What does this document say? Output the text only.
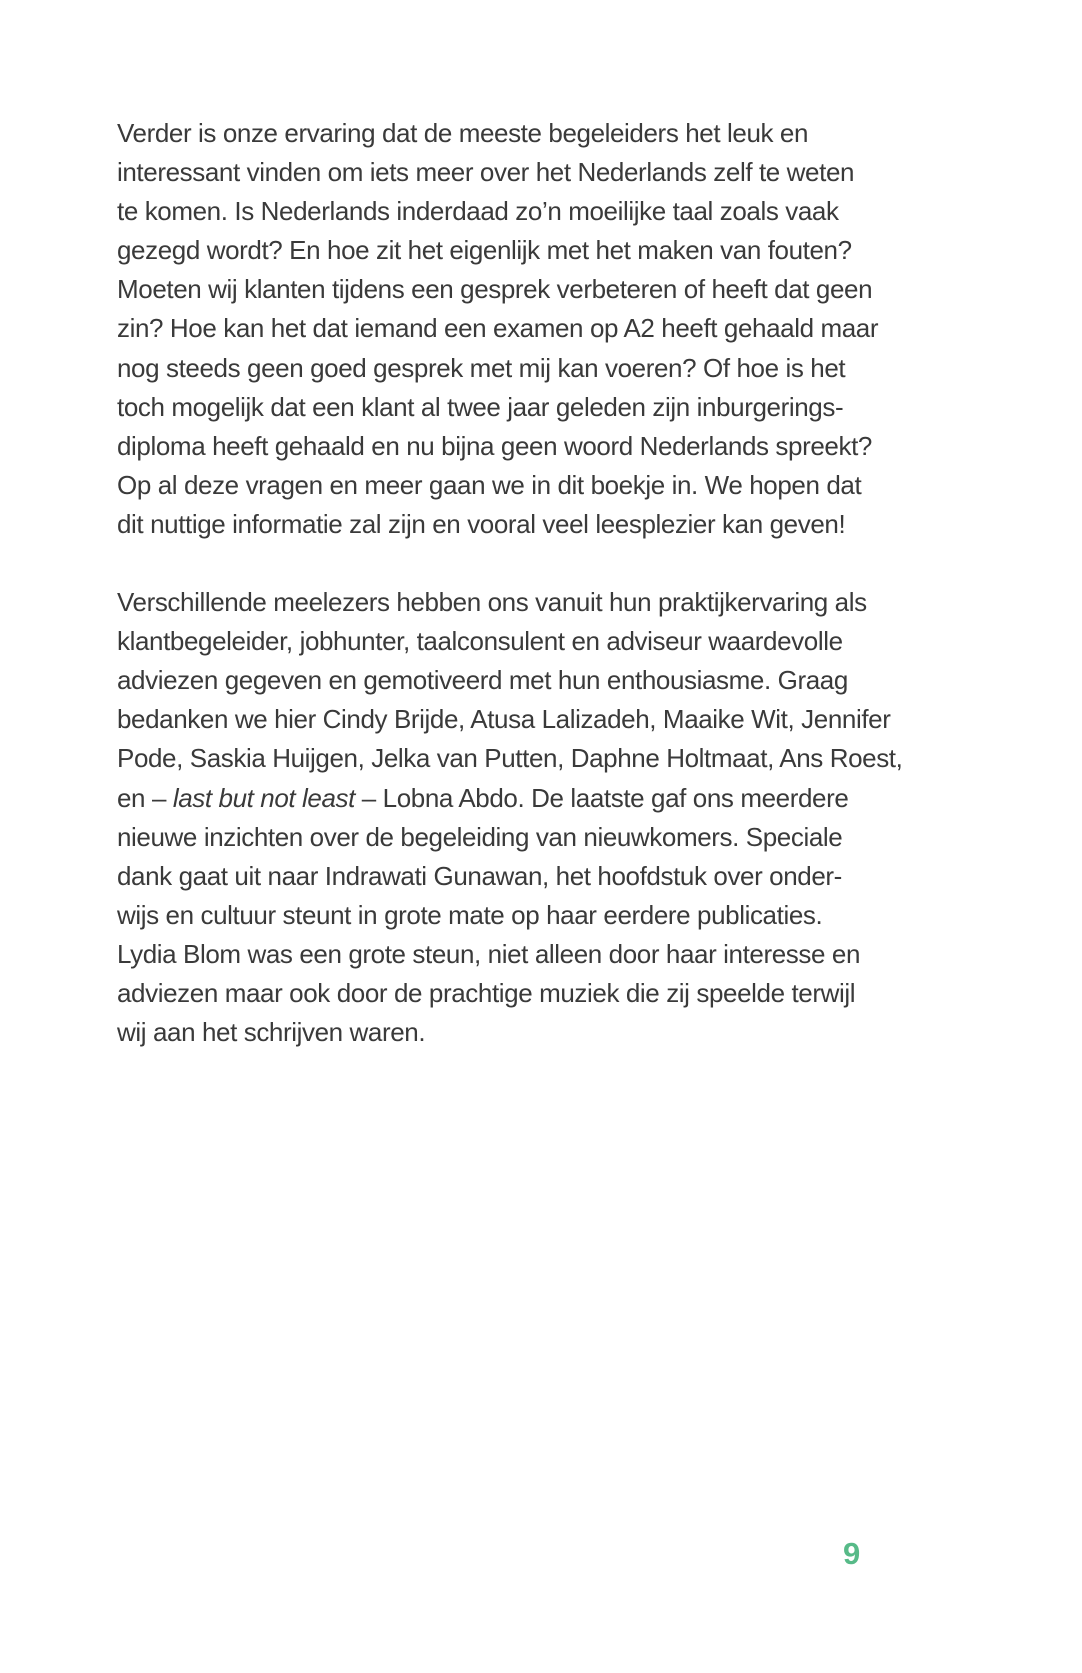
Verder is onze ervaring dat de meeste begeleiders het leuk en
interessant vinden om iets meer over het Nederlands zelf te weten
te komen. Is Nederlands inderdaad zo’n moeilijke taal zoals vaak
gezegd wordt? En hoe zit het eigenlijk met het maken van fouten?
Moeten wij klanten tijdens een gesprek verbeteren of heeft dat geen
zin? Hoe kan het dat iemand een examen op A2 heeft gehaald maar
nog steeds geen goed gesprek met mij kan voeren? Of hoe is het
toch mogelijk dat een klant al twee jaar geleden zijn inburgerings-
diploma heeft gehaald en nu bijna geen woord Nederlands spreekt?
Op al deze vragen en meer gaan we in dit boekje in. We hopen dat
dit nuttige informatie zal zijn en vooral veel leesplezier kan geven!
Verschillende meelezers hebben ons vanuit hun praktijkervaring als
klantbegeleider, jobhunter, taalconsulent en adviseur waardevolle
adviezen gegeven en gemotiveerd met hun enthousiasme. Graag
bedanken we hier Cindy Brijde, Atusa Lalizadeh, Maaike Wit, Jennifer
Pode, Saskia Huijgen, Jelka van Putten, Daphne Holtmaat, Ans Roest,
en – last but not least – Lobna Abdo. De laatste gaf ons meerdere
nieuwe inzichten over de begeleiding van nieuwkomers. Speciale
dank gaat uit naar Indrawati Gunawan, het hoofdstuk over onder-
wijs en cultuur steunt in grote mate op haar eerdere publicaties.
Lydia Blom was een grote steun, niet alleen door haar interesse en
adviezen maar ook door de prachtige muziek die zij speelde terwijl
wij aan het schrijven waren.
9
